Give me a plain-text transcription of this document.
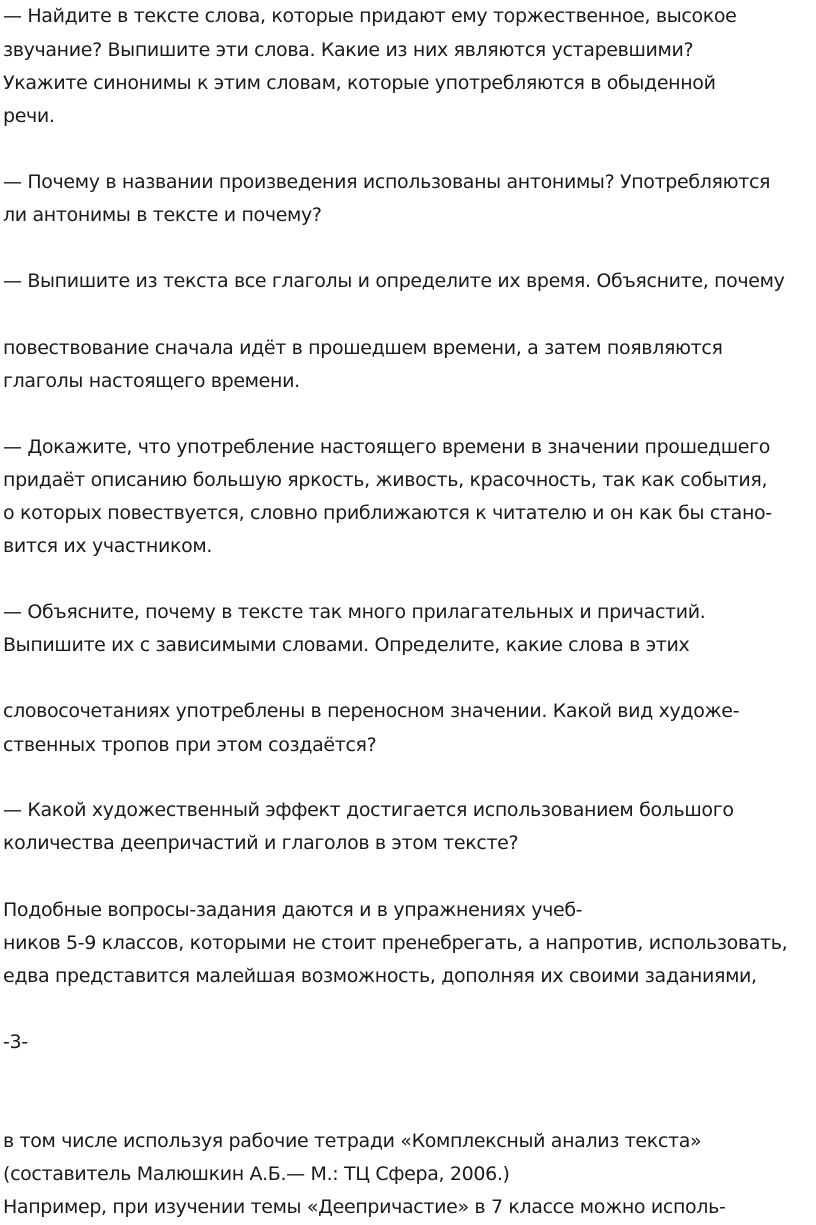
— Найдите в тексте слова, которые придают ему торжественное, высокое
звучание? Выпишите эти слова. Какие из них являются устаревшими?
Укажите синонимы к этим словам, которые употребляются в обыденной
речи.
— Почему в названии произведения использованы антонимы? Употребляются
ли антонимы в тексте и почему?
— Выпишите из текста все глаголы и определите их время. Объясните, почему
повествование сначала идёт в прошедшем времени, а затем появляются
глаголы настоящего времени.
— Докажите, что употребление настоящего времени в значении прошедшего
придаёт описанию большую яркость, живость, красочность, так как события,
о которых повествуется, словно приближаются к читателю и он как бы стано-
вится их участником.
— Объясните, почему в тексте так много прилагательных и причастий.
Выпишите их с зависимыми словами. Определите, какие слова в этих
словосочетаниях употреблены в переносном значении. Какой вид художе-
ственных тропов при этом создаётся?
— Какой художественный эффект достигается использованием большого
количества деепричастий и глаголов в этом тексте?
Подобные вопросы-задания даются и в упражнениях учеб-
ников 5-9 классов, которыми не стоит пренебрегать, а напротив, использовать,
едва представится малейшая возможность, дополняя их своими заданиями,
-3-
в том числе используя рабочие тетради «Комплексный анализ текста»
(составитель Малюшкин А.Б.— М.: ТЦ Сфера, 2006.)
Например, при изучении темы «Деепричастие» в 7 классе можно исполь-
